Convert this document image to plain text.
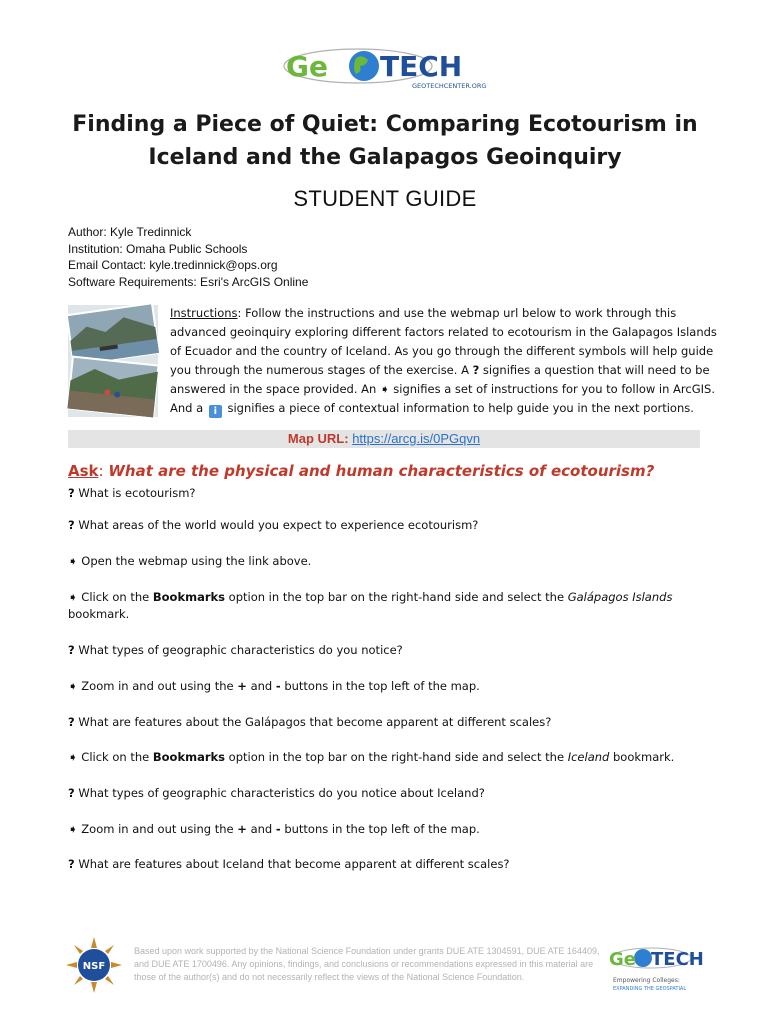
Ge TECH
GEOTECHCENTER.ORG
Finding a Piece of Quiet: Comparing Ecotourism in
Iceland and the Galapagos Geoinquiry
STUDENT GUIDE
Author: Kyle Tredinnick
Institution: Omaha Public Schools
Email Contact: kyle.tredinnick@ops.org
Software Requirements: Esri's ArcGIS Online
Instructions: Follow the instructions and use the webmap url below to work through this
advanced geoinquiry exploring different factors related to ecotourism in the Galapagos Islands
of Ecuador and the country of Iceland. As you go through the different symbols will help guide
you through the numerous stages of the exercise. A ? signifies a question that will need to be
answered in the space provided. An ➧ signifies a set of instructions for you to follow in ArcGIS.
And a i signifies a piece of contextual information to help guide you in the next portions.
Map URL: https://arcg.is/0PGqvn
Ask: What are the physical and human characteristics of ecotourism?
? What is ecotourism?
? What areas of the world would you expect to experience ecotourism?
➧ Open the webmap using the link above.
➧ Click on the Bookmarks option in the top bar on the right-hand side and select the Galápagos Islands
bookmark.
? What types of geographic characteristics do you notice?
➧ Zoom in and out using the + and - buttons in the top left of the map.
? What are features about the Galápagos that become apparent at different scales?
➧ Click on the Bookmarks option in the top bar on the right-hand side and select the Iceland bookmark.
? What types of geographic characteristics do you notice about Iceland?
➧ Zoom in and out using the + and - buttons in the top left of the map.
? What are features about Iceland that become apparent at different scales?
NSF
Based upon work supported by the National Science Foundation under grants DUE ATE 1304591, DUE ATE 164409,
and DUE ATE 1700496. Any opinions, findings, and conclusions or recommendations expressed in this material are
those of the author(s) and do not necessarily reflect the views of the National Science Foundation.
Ge TECH
Empowering Colleges:
EXPANDING THE GEOSPATIAL
